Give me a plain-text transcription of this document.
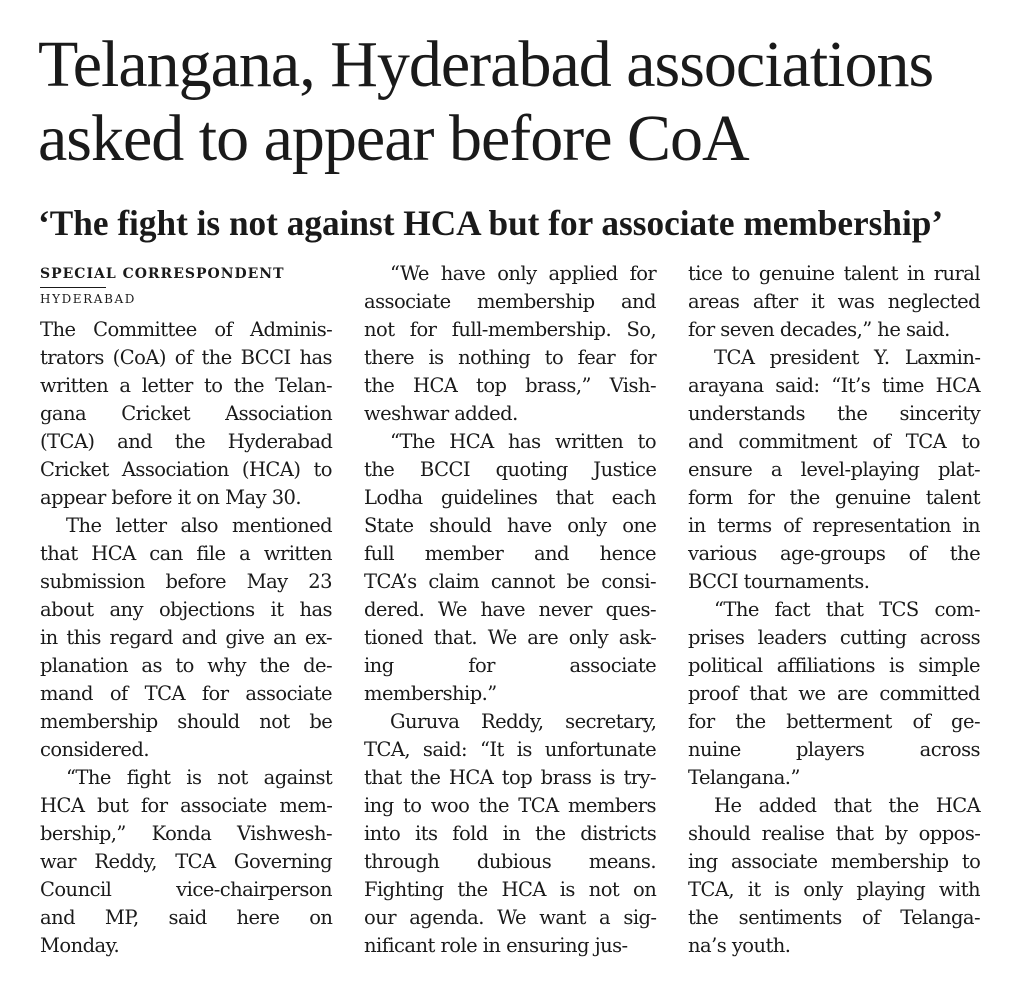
Telangana, Hyderabad associations
asked to appear before CoA
‘The fight is not against HCA but for associate membership’
SPECIAL CORRESPONDENT
HYDERABAD
The Committee of Adminis-
trators (CoA) of the BCCI has
written a letter to the Telan-
gana Cricket Association
(TCA) and the Hyderabad
Cricket Association (HCA) to
appear before it on May 30.
The letter also mentioned
that HCA can file a written
submission before May 23
about any objections it has
in this regard and give an ex-
planation as to why the de-
mand of TCA for associate
membership should not be
considered.
“The fight is not against
HCA but for associate mem-
bership,” Konda Vishwesh-
war Reddy, TCA Governing
Council vice-chairperson
and MP, said here on
Monday.
“We have only applied for
associate membership and
not for full-membership. So,
there is nothing to fear for
the HCA top brass,” Vish-
weshwar added.
“The HCA has written to
the BCCI quoting Justice
Lodha guidelines that each
State should have only one
full member and hence
TCA’s claim cannot be consi-
dered. We have never ques-
tioned that. We are only ask-
ing for associate
membership.”
Guruva Reddy, secretary,
TCA, said: “It is unfortunate
that the HCA top brass is try-
ing to woo the TCA members
into its fold in the districts
through dubious means.
Fighting the HCA is not on
our agenda. We want a sig-
nificant role in ensuring jus-
tice to genuine talent in rural
areas after it was neglected
for seven decades,” he said.
TCA president Y. Laxmin-
arayana said: “It’s time HCA
understands the sincerity
and commitment of TCA to
ensure a level-playing plat-
form for the genuine talent
in terms of representation in
various age-groups of the
BCCI tournaments.
“The fact that TCS com-
prises leaders cutting across
political affiliations is simple
proof that we are committed
for the betterment of ge-
nuine players across
Telangana.”
He added that the HCA
should realise that by oppos-
ing associate membership to
TCA, it is only playing with
the sentiments of Telanga-
na’s youth.
